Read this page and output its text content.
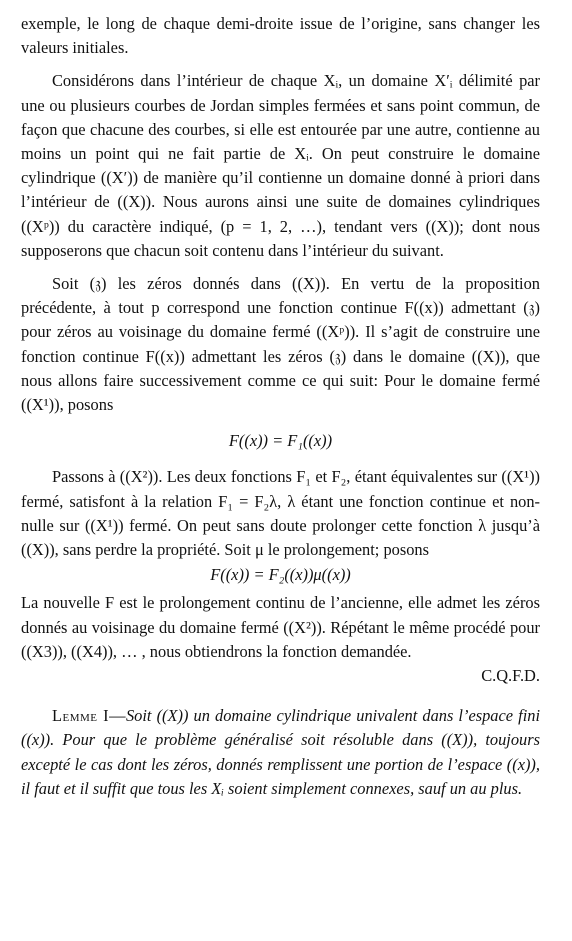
exemple, le long de chaque demi-droite issue de l’origine, sans changer les valeurs initiales.

Considérons dans l’intérieur de chaque Xᵢ, un domaine X′ᵢ délimité par une ou plusieurs courbes de Jordan simples fermées et sans point commun, de façon que chacune des courbes, si elle est entourée par une autre, contienne au moins un point qui ne fait partie de Xᵢ. On peut construire le domaine cylindrique ((X′)) de manière qu’il contienne un domaine donné à priori dans l’intérieur de ((X)). Nous aurons ainsi une suite de domaines cylindriques ((Xᵖ)) du caractère indiqué, (p = 1, 2, …), tendant vers ((X)); dont nous supposerons que chacun soit contenu dans l’intérieur du suivant.

Soit (𝔷) les zéros donnés dans ((X)). En vertu de la proposition précédente, à tout p correspond une fonction continue F((x)) admettant (𝔷) pour zéros au voisinage du domaine fermé ((Xᵖ)). Il s’agit de construire une fonction continue F((x)) admettant les zéros (𝔷) dans le domaine ((X)), que nous allons faire successivement comme ce qui suit: Pour le domaine fermé ((X¹)), posons

F((x)) = F₁((x))

Passons à ((X²)). Les deux fonctions F₁ et F₂, étant équivalentes sur ((X¹)) fermé, satisfont à la relation F₁ = F₂λ, λ étant une fonction continue et non-nulle sur ((X¹)) fermé. On peut sans doute prolonger cette fonction λ jusqu’à ((X)), sans perdre la propriété. Soit μ le prolongement; posons

F((x)) = F₂((x))μ((x))

La nouvelle F est le prolongement continu de l’ancienne, elle admet les zéros donnés au voisinage du domaine fermé ((X²)). Répétant le même procédé pour ((X3)), ((X4)), … , nous obtiendrons la fonction demandée.

C.Q.F.D.

Lemme I—Soit ((X)) un domaine cylindrique univalent dans l’espace fini ((x)). Pour que le problème généralisé soit résoluble dans ((X)), toujours excepté le cas dont les zéros, donnés remplissent une portion de l’espace ((x)), il faut et il suffit que tous les Xᵢ soient simplement connexes, sauf un au plus.
